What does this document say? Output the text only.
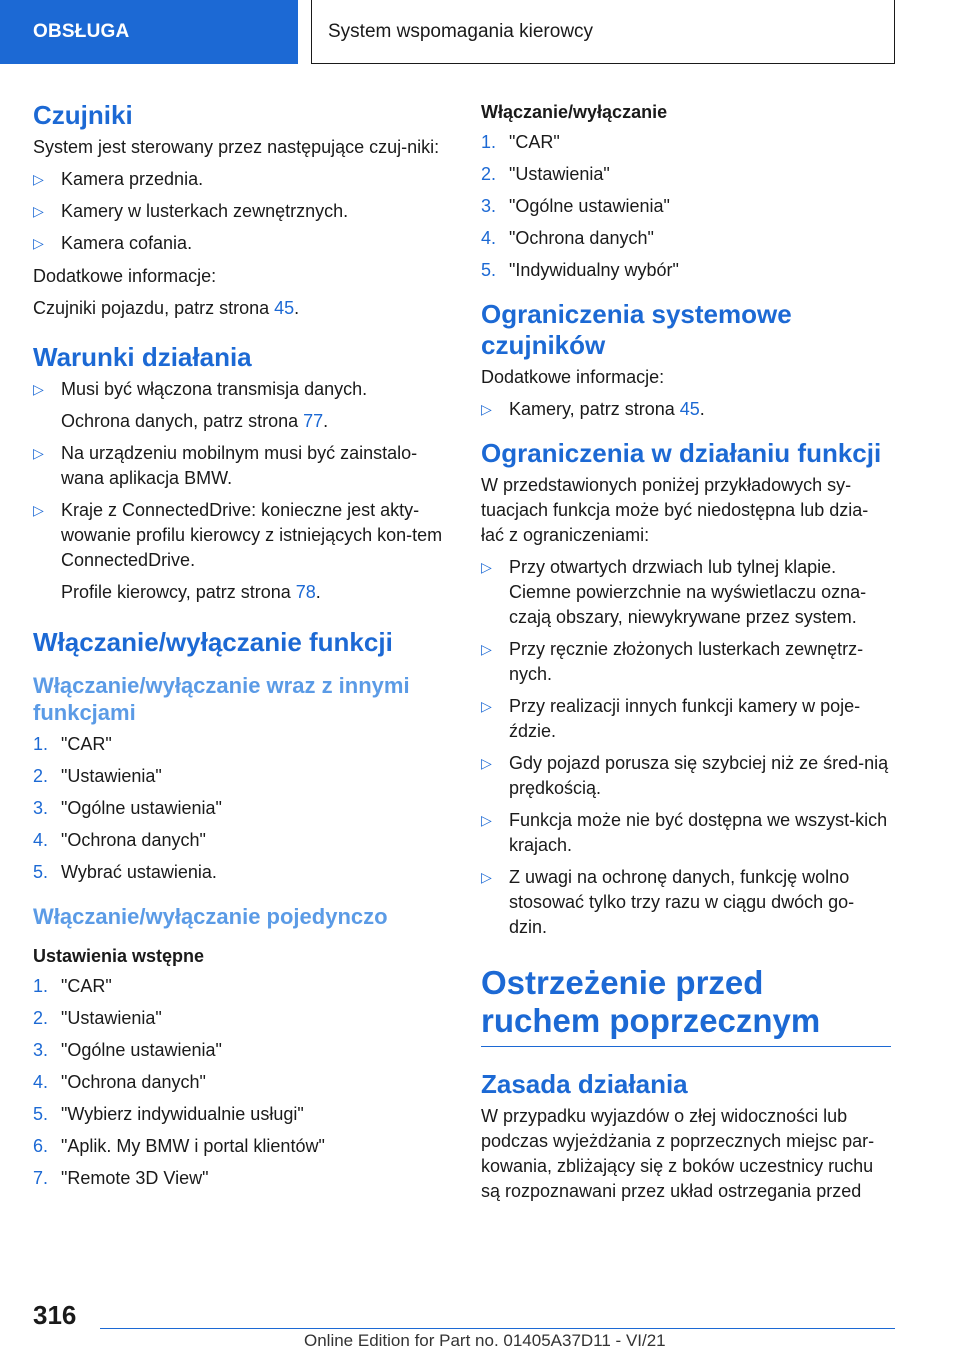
OBSŁUGA	System wspomagania kierowcy
Czujniki
System jest sterowany przez następujące czuj-niki:
▷ Kamera przednia.
▷ Kamery w lusterkach zewnętrznych.
▷ Kamera cofania.
Dodatkowe informacje:
Czujniki pojazdu, patrz strona 45.
Warunki działania
▷ Musi być włączona transmisja danych.
Ochrona danych, patrz strona 77.
▷ Na urządzeniu mobilnym musi być zainstalo-wana aplikacja BMW.
▷ Kraje z ConnectedDrive: konieczne jest akty-wowanie profilu kierowcy z istniejących kon-tem ConnectedDrive.
Profile kierowcy, patrz strona 78.
Włączanie/wyłączanie funkcji
Włączanie/wyłączanie wraz z innymi funkcjami
1. "CAR"
2. "Ustawienia"
3. "Ogólne ustawienia"
4. "Ochrona danych"
5. Wybrać ustawienia.
Włączanie/wyłączanie pojedynczo
Ustawienia wstępne
1. "CAR"
2. "Ustawienia"
3. "Ogólne ustawienia"
4. "Ochrona danych"
5. "Wybierz indywidualnie usługi"
6. "Aplik. My BMW i portal klientów"
7. "Remote 3D View"
Włączanie/wyłączanie
1. "CAR"
2. "Ustawienia"
3. "Ogólne ustawienia"
4. "Ochrona danych"
5. "Indywidualny wybór"
Ograniczenia systemowe czujników
Dodatkowe informacje:
▷ Kamery, patrz strona 45.
Ograniczenia w działaniu funkcji
W przedstawionych poniżej przykładowych sy-tuacjach funkcja może być niedostępna lub dzia-łać z ograniczeniami:
▷ Przy otwartych drzwiach lub tylnej klapie. Ciemne powierzchnie na wyświetlaczu ozna-czają obszary, niewykrywane przez system.
▷ Przy ręcznie złożonych lusterkach zewnętrz-nych.
▷ Przy realizacji innych funkcji kamery w poje-ździe.
▷ Gdy pojazd porusza się szybciej niż ze śred-nią prędkością.
▷ Funkcja może nie być dostępna we wszyst-kich krajach.
▷ Z uwagi na ochronę danych, funkcję wolno stosować tylko trzy razu w ciągu dwóch go-dzin.
Ostrzeżenie przed ruchem poprzecznym
Zasada działania
W przypadku wyjazdów o złej widoczności lub podczas wyjeżdżania z poprzecznych miejsc par-kowania, zbliżający się z boków uczestnicy ruchu są rozpoznawani przez układ ostrzegania przed
316
Online Edition for Part no. 01405A37D11 - VI/21
